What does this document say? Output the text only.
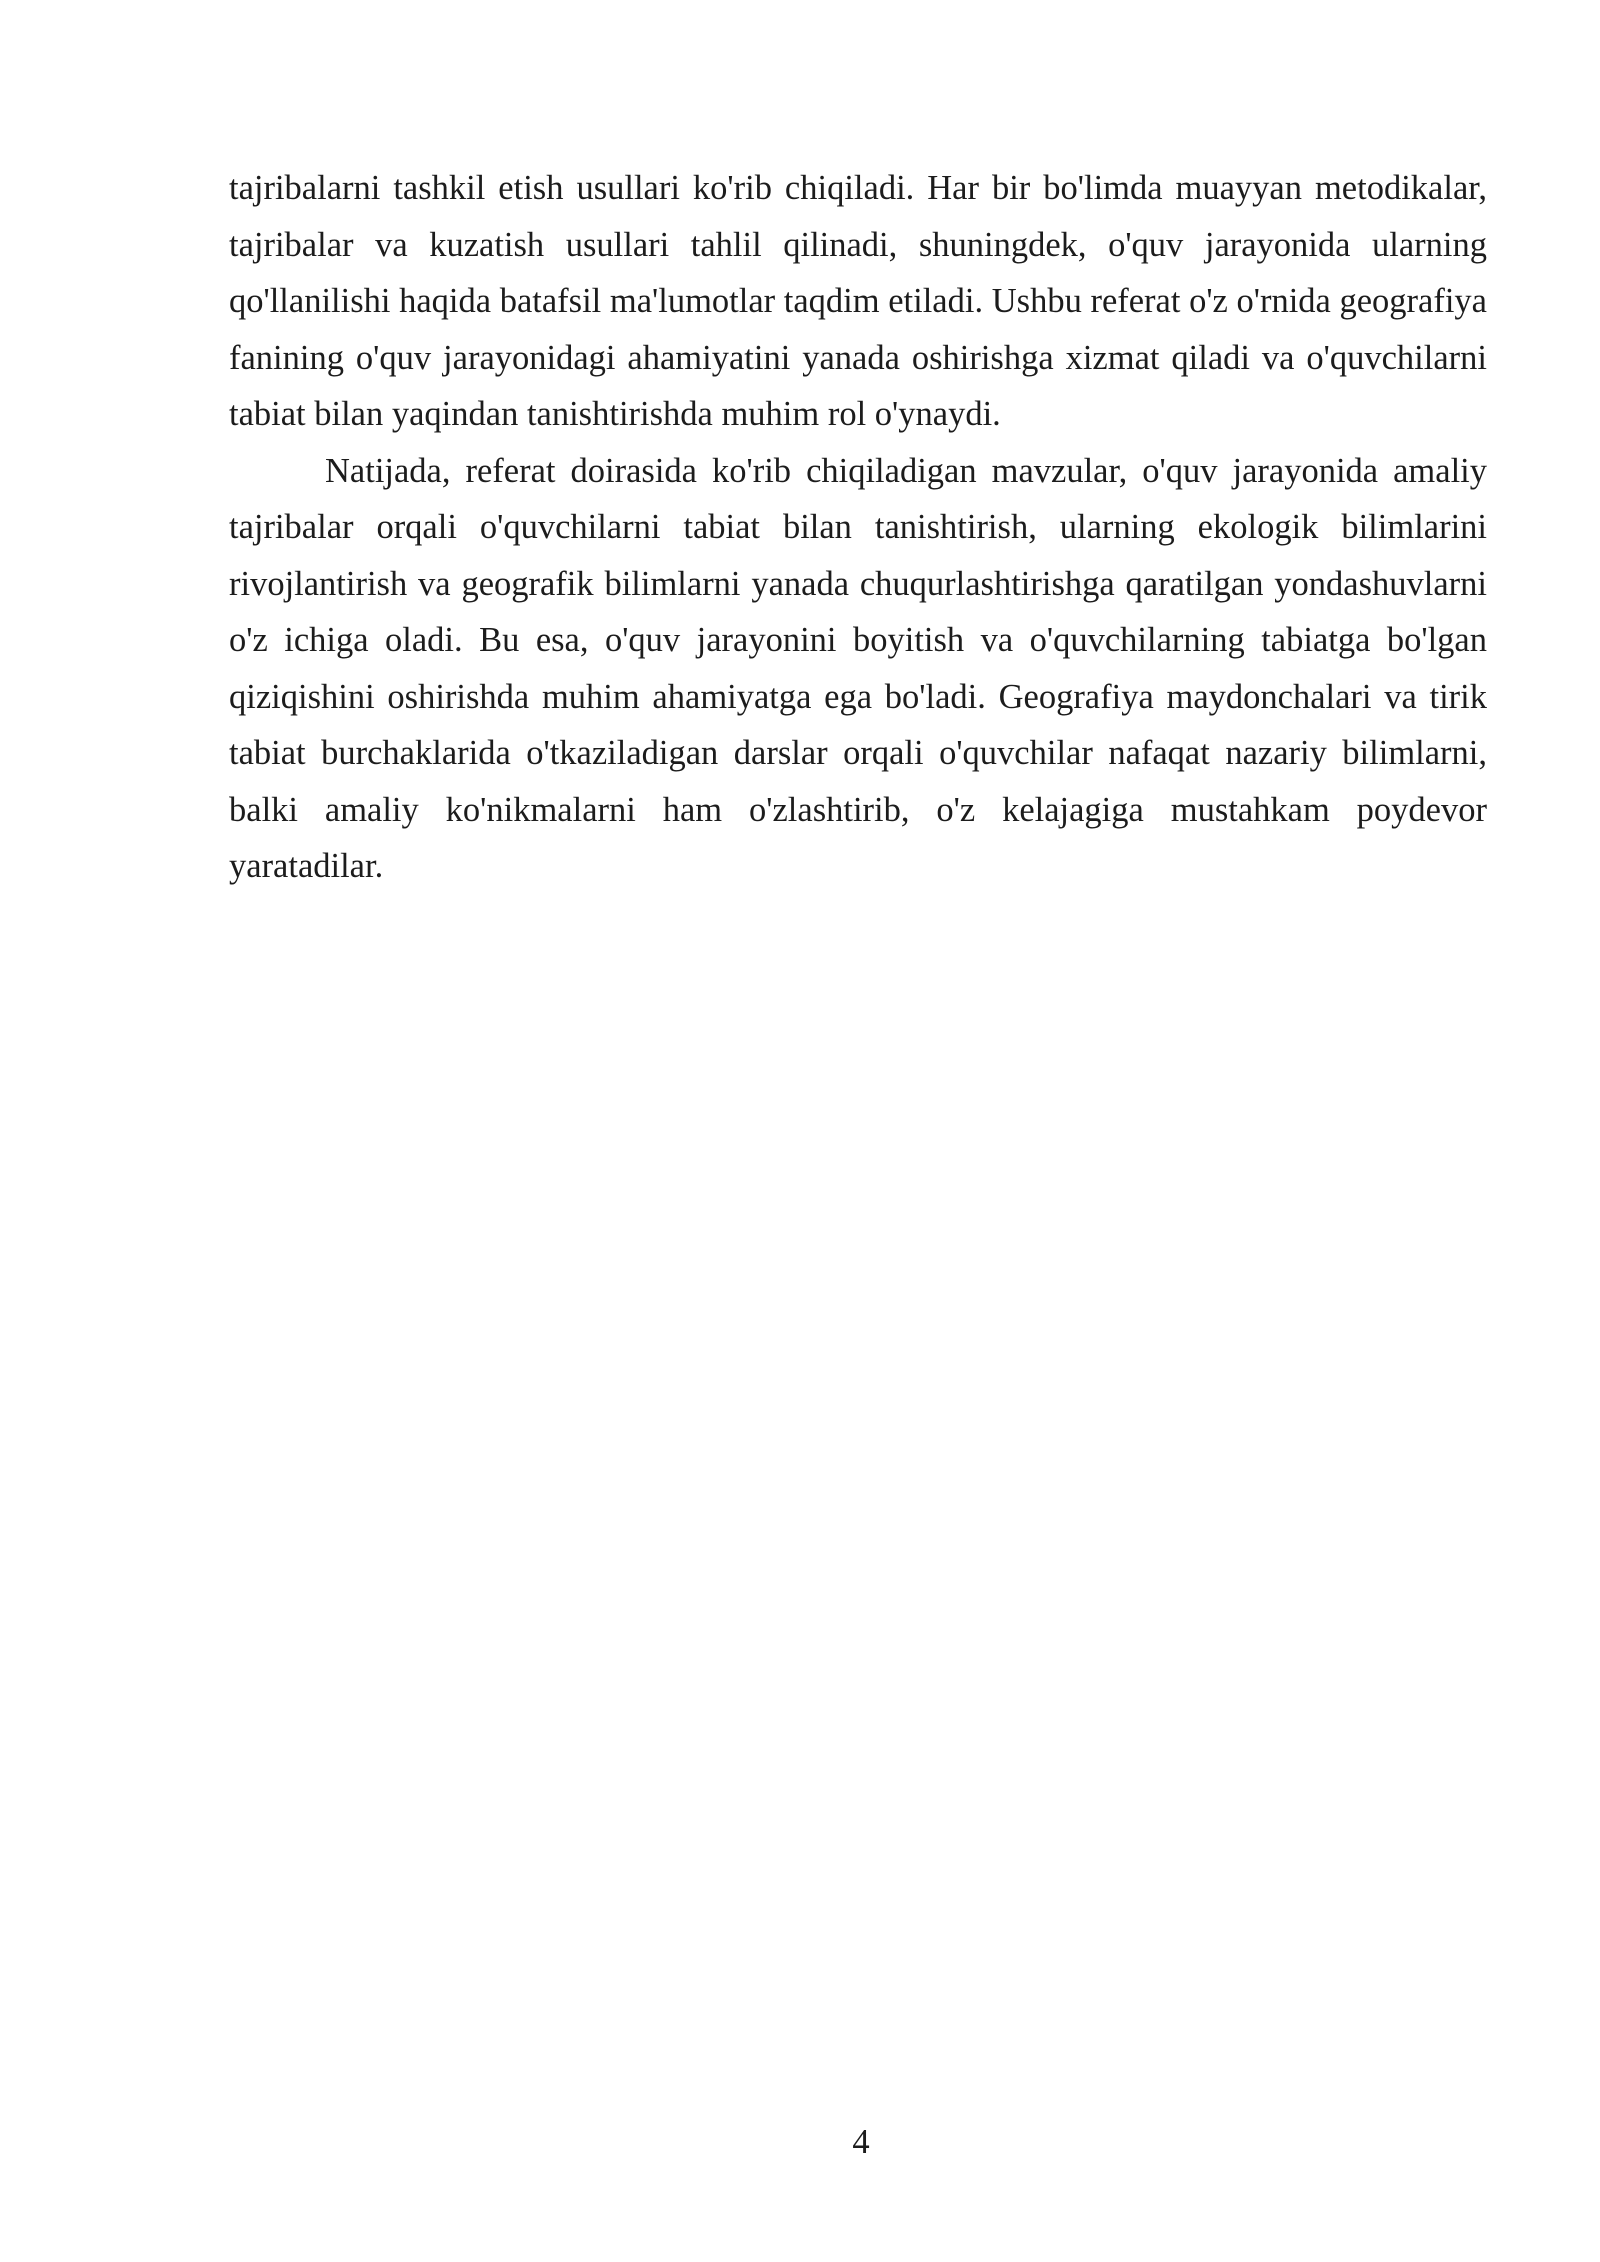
tajribalarni tashkil etish usullari ko'rib chiqiladi. Har bir bo'limda muayyan metodikalar, tajribalar va kuzatish usullari tahlil qilinadi, shuningdek, o'quv jarayonida ularning qo'llanilishi haqida batafsil ma'lumotlar taqdim etiladi. Ushbu referat o'z o'rnida geografiya fanining o'quv jarayonidagi ahamiyatini yanada oshirishga xizmat qiladi va o'quvchilarni tabiat bilan yaqindan tanishtirishda muhim rol o'ynaydi.

Natijada, referat doirasida ko'rib chiqiladigan mavzular, o'quv jarayonida amaliy tajribalar orqali o'quvchilarni tabiat bilan tanishtirish, ularning ekologik bilimlarini rivojlantirish va geografik bilimlarni yanada chuqurlashtirishga qaratilgan yondashuvlarni o'z ichiga oladi. Bu esa, o'quv jarayonini boyitish va o'quvchilarning tabiatga bo'lgan qiziqishini oshirishda muhim ahamiyatga ega bo'ladi. Geografiya maydonchalari va tirik tabiat burchaklarida o'tkaziladigan darslar orqali o'quvchilar nafaqat nazariy bilimlarni, balki amaliy ko'nikmalarni ham o'zlashtirib, o'z kelajagiga mustahkam poydevor yaratadilar.

4
